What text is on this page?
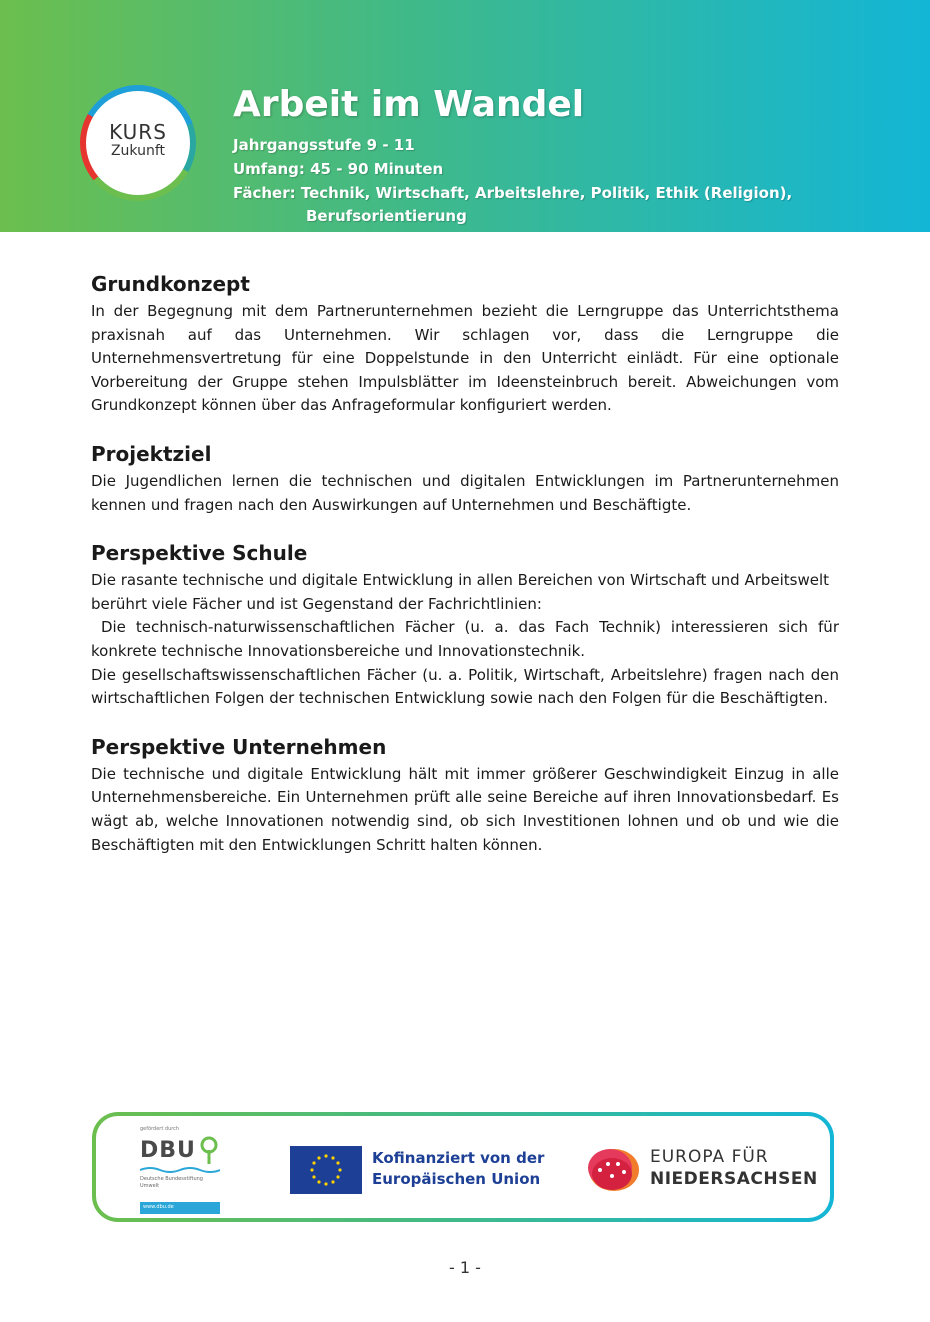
KURS
Zukunft
Arbeit im Wandel
Jahrgangsstufe 9 - 11
Umfang: 45 - 90 Minuten
Fächer: Technik, Wirtschaft, Arbeitslehre, Politik, Ethik (Religion),
Berufsorientierung
Grundkonzept

In der Begegnung mit dem Partnerunternehmen bezieht die Lerngruppe das Unterrichtsthema praxisnah auf das Unternehmen. Wir schlagen vor, dass die Lerngruppe die Unternehmensvertretung für eine Doppelstunde in den Unterricht einlädt. Für eine optionale Vorbereitung der Gruppe stehen Impulsblätter im Ideensteinbruch bereit. Abweichungen vom Grundkonzept können über das Anfrageformular konfiguriert werden.

Projektziel

Die Jugendlichen lernen die technischen und digitalen Entwicklungen im Partnerunternehmen kennen und fragen nach den Auswirkungen auf Unternehmen und Beschäftigte.

Perspektive Schule

Die rasante technische und digitale Entwicklung in allen Bereichen von Wirtschaft und Arbeitswelt berührt viele Fächer und ist Gegenstand der Fachrichtlinien:

Die technisch-naturwissenschaftlichen Fächer (u. a. das Fach Technik) interessieren sich für konkrete technische Innovationsbereiche und Innovationstechnik.

Die gesellschaftswissenschaftlichen Fächer (u. a. Politik, Wirtschaft, Arbeitslehre) fragen nach den wirtschaftlichen Folgen der technischen Entwicklung sowie nach den Folgen für die Beschäftigten.

Perspektive Unternehmen

Die technische und digitale Entwicklung hält mit immer größerer Geschwindigkeit Einzug in alle Unternehmensbereiche. Ein Unternehmen prüft alle seine Bereiche auf ihren Innovationsbedarf. Es wägt ab, welche Innovationen notwendig sind, ob sich Investitionen lohnen und ob und wie die Beschäftigten mit den Entwicklungen Schritt halten können.

gefördert durch
DBU
Deutsche Bundesstiftung Umwelt
www.dbu.de
Kofinanziert von der
Europäischen Union
EUROPA FÜR
NIEDERSACHSEN
- 1 -
